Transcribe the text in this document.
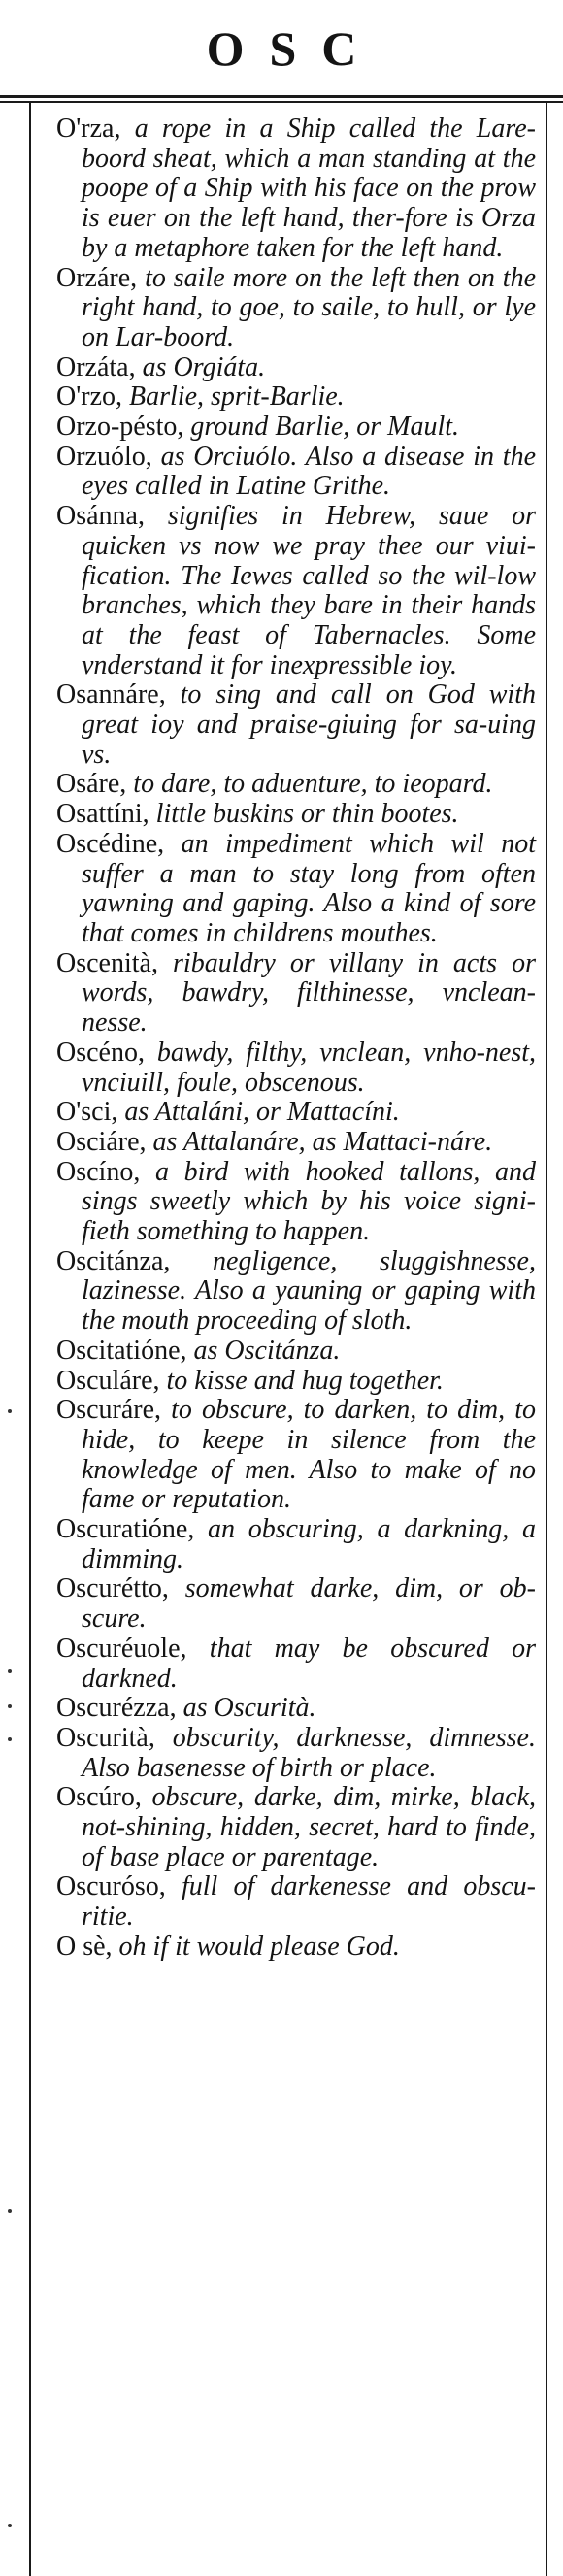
OSC

O'rza, a rope in a Ship called the Lare-boord sheat, which a man standing at the poope of a Ship with his face on the prow is euer on the left hand, ther-fore is Orza by a metaphore taken for the left hand.

Orzáre, to saile more on the left then on the right hand, to goe, to saile, to hull, or lye on Lar-boord.

Orzáta, as Orgiáta.

O'rzo, Barlie, sprit-Barlie.

Orzo-pésto, ground Barlie, or Mault.

Orzuólo, as Orciuólo. Also a disease in the eyes called in Latine Grithe.

Osánna, signifies in Hebrew, saue or quicken vs now we pray thee our viui-fication. The Iewes called so the wil-low branches, which they bare in their hands at the feast of Tabernacles. Some vnderstand it for inexpressible ioy.

Osannáre, to sing and call on God with great ioy and praise-giuing for sa-uing vs.

Osáre, to dare, to aduenture, to ieopard.

Osattíni, little buskins or thin bootes.

Oscédine, an impediment which wil not suffer a man to stay long from often yawning and gaping. Also a kind of sore that comes in childrens mouthes.

Oscenità, ribauldry or villany in acts or words, bawdry, filthinesse, vnclean-nesse.

Oscéno, bawdy, filthy, vnclean, vnho-nest, vnciuill, foule, obscenous.

O'sci, as Attaláni, or Mattacíni.

Osciáre, as Attalanáre, as Mattaci-náre.

Oscíno, a bird with hooked tallons, and sings sweetly which by his voice signi-fieth something to happen.

Oscitánza, negligence, sluggishnesse, lazinesse. Also a yauning or gaping with the mouth proceeding of sloth.

Oscitatióne, as Oscitánza.

Osculáre, to kisse and hug together.

Oscuráre, to obscure, to darken, to dim, to hide, to keepe in silence from the knowledge of men. Also to make of no fame or reputation.

Oscuratióne, an obscuring, a darkning, a dimming.

Oscurétto, somewhat darke, dim, or ob-scure.

Oscuréuole, that may be obscured or darkned.

Oscurézza, as Oscurità.

Oscurità, obscurity, darknesse, dimnesse. Also basenesse of birth or place.

Oscúro, obscure, darke, dim, mirke, black, not-shining, hidden, secret, hard to finde, of base place or parentage.

Oscuróso, full of darkenesse and obscu-ritie.

O sè, oh if it would please God.
